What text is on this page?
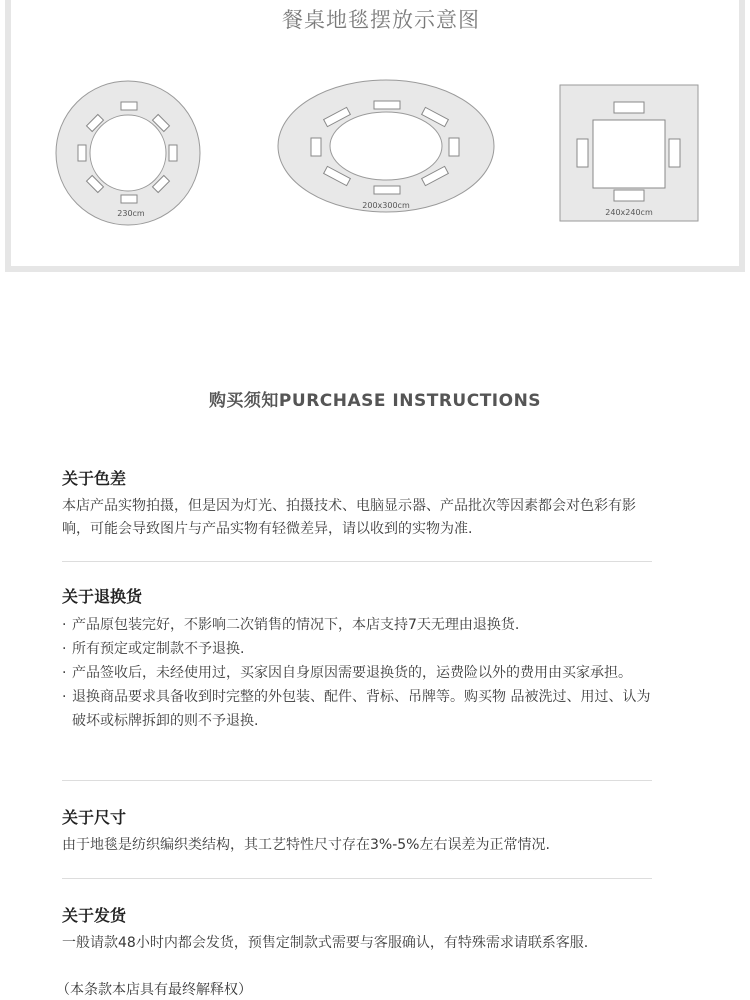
餐桌地毯摆放示意图
230cm
200x300cm
240x240cm
购买须知PURCHASE INSTRUCTIONS
关于色差
本店产品实物拍摄，但是因为灯光、拍摄技术、电脑显示器、产品批次等因素都会对色彩有影响，可能会导致图片与产品实物有轻微差异，请以收到的实物为准.
关于退换货
· 产品原包装完好，不影响二次销售的情况下，本店支持7天无理由退换货.
· 所有预定或定制款不予退换.
· 产品签收后，未经使用过，买家因自身原因需要退换货的，运费险以外的费用由买家承担。
· 退换商品要求具备收到时完整的外包装、配件、背标、吊牌等。购买物 品被洗过、用过、认为破坏或标牌拆卸的则不予退换.
关于尺寸
由于地毯是纺织编织类结构，其工艺特性尺寸存在3%-5%左右误差为正常情况.
关于发货
一般请款48小时内都会发货，预售定制款式需要与客服确认，有特殊需求请联系客服.
（本条款本店具有最终解释权）
